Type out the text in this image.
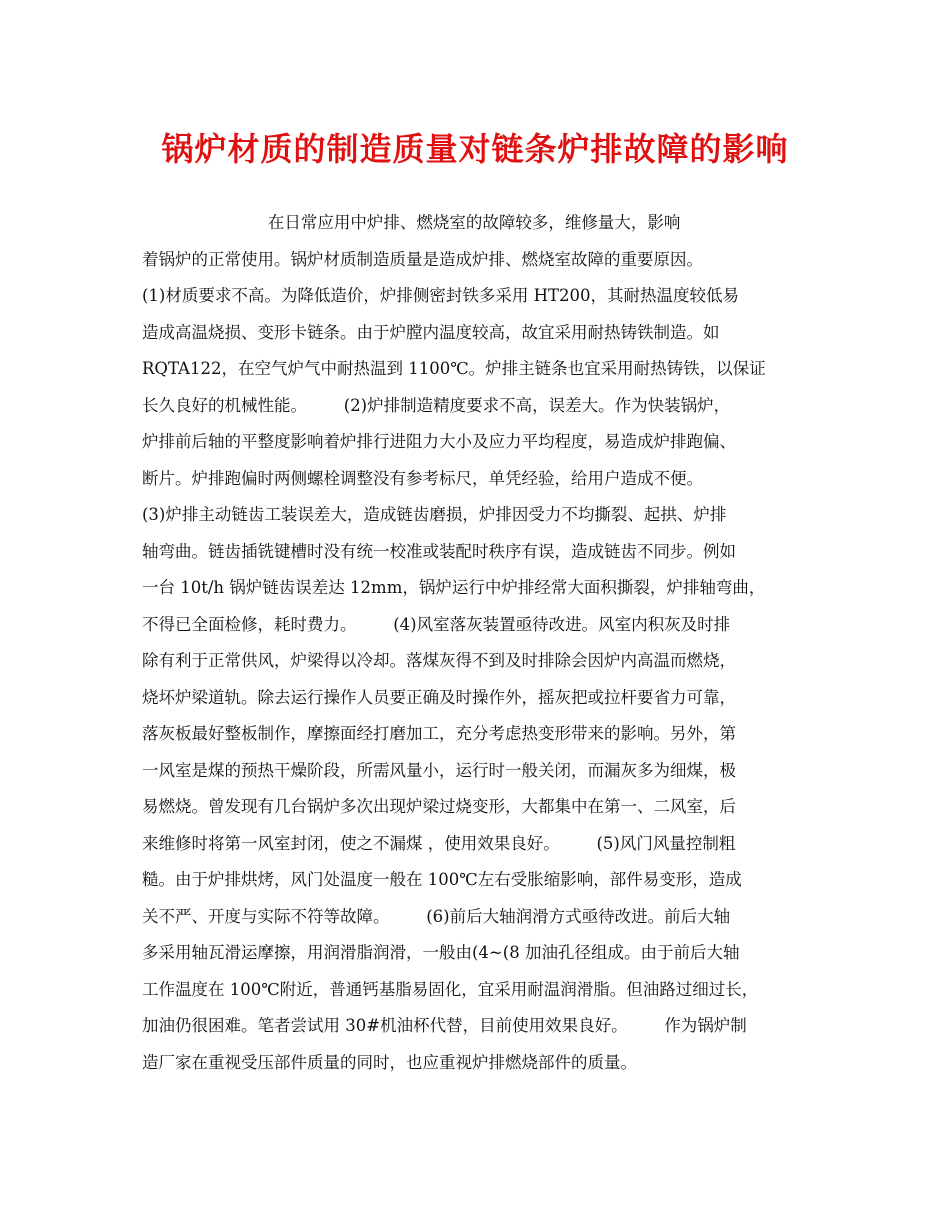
锅炉材质的制造质量对链条炉排故障的影响

在日常应用中炉排、燃烧室的故障较多，维修量大，影响

着锅炉的正常使用。锅炉材质制造质量是造成炉排、燃烧室故障的重要原因。

(1)材质要求不高。为降低造价，炉排侧密封铁多采用 HT200，其耐热温度较低易

造成高温烧损、变形卡链条。由于炉膛内温度较高，故宜采用耐热铸铁制造。如

RQTA122，在空气炉气中耐热温到 1100℃。炉排主链条也宜采用耐热铸铁，以保证

长久良好的机械性能。       (2)炉排制造精度要求不高，误差大。作为快装锅炉，

炉排前后轴的平整度影响着炉排行进阻力大小及应力平均程度，易造成炉排跑偏、

断片。炉排跑偏时两侧螺栓调整没有参考标尺，单凭经验，给用户造成不便。

(3)炉排主动链齿工装误差大，造成链齿磨损，炉排因受力不均撕裂、起拱、炉排

轴弯曲。链齿插铣键槽时没有统一校准或装配时秩序有误，造成链齿不同步。例如

一台 10t/h 锅炉链齿误差达 12mm，锅炉运行中炉排经常大面积撕裂，炉排轴弯曲，

不得已全面检修，耗时费力。       (4)风室落灰装置亟待改进。风室内积灰及时排

除有利于正常供风，炉梁得以冷却。落煤灰得不到及时排除会因炉内高温而燃烧，

烧坏炉梁道轨。除去运行操作人员要正确及时操作外，摇灰把或拉杆要省力可靠，

落灰板最好整板制作，摩擦面经打磨加工，充分考虑热变形带来的影响。另外，第

一风室是煤的预热干燥阶段，所需风量小，运行时一般关闭，而漏灰多为细煤，极

易燃烧。曾发现有几台锅炉多次出现炉梁过烧变形，大都集中在第一、二风室，后

来维修时将第一风室封闭，使之不漏煤 ，使用效果良好。       (5)风门风量控制粗

糙。由于炉排烘烤，风门处温度一般在 100℃左右受胀缩影响，部件易变形，造成

关不严、开度与实际不符等故障。       (6)前后大轴润滑方式亟待改进。前后大轴

多采用轴瓦滑运摩擦，用润滑脂润滑，一般由(4~(8 加油孔径组成。由于前后大轴

工作温度在 100℃附近，普通钙基脂易固化，宜采用耐温润滑脂。但油路过细过长，

加油仍很困难。笔者尝试用 30#机油杯代替，目前使用效果良好。       作为锅炉制

造厂家在重视受压部件质量的同时，也应重视炉排燃烧部件的质量。
